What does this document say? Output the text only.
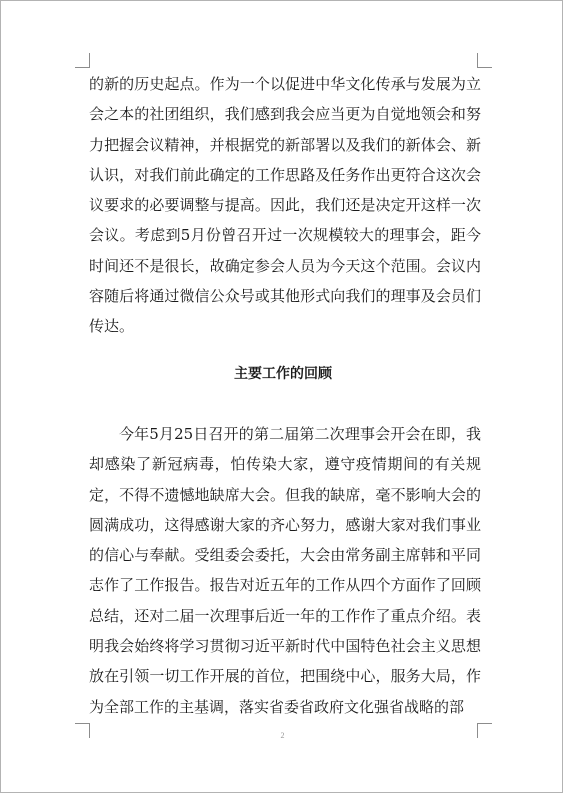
的新的历史起点。作为一个以促进中华文化传承与发展为立会之本的社团组织，我们感到我会应当更为自觉地领会和努力把握会议精神，并根据党的新部署以及我们的新体会、新认识，对我们前此确定的工作思路及任务作出更符合这次会议要求的必要调整与提高。因此，我们还是决定开这样一次会议。考虑到5月份曾召开过一次规模较大的理事会，距今时间还不是很长，故确定参会人员为今天这个范围。会议内容随后将通过微信公众号或其他形式向我们的理事及会员们传达。

主要工作的回顾

今年5月25日召开的第二届第二次理事会开会在即，我却感染了新冠病毒，怕传染大家，遵守疫情期间的有关规定，不得不遗憾地缺席大会。但我的缺席，毫不影响大会的圆满成功，这得感谢大家的齐心努力，感谢大家对我们事业的信心与奉献。受组委会委托，大会由常务副主席韩和平同志作了工作报告。报告对近五年的工作从四个方面作了回顾总结，还对二届一次理事后近一年的工作作了重点介绍。表明我会始终将学习贯彻习近平新时代中国特色社会主义思想放在引领一切工作开展的首位，把围绕中心，服务大局，作为全部工作的主基调，落实省委省政府文化强省战略的部

2
